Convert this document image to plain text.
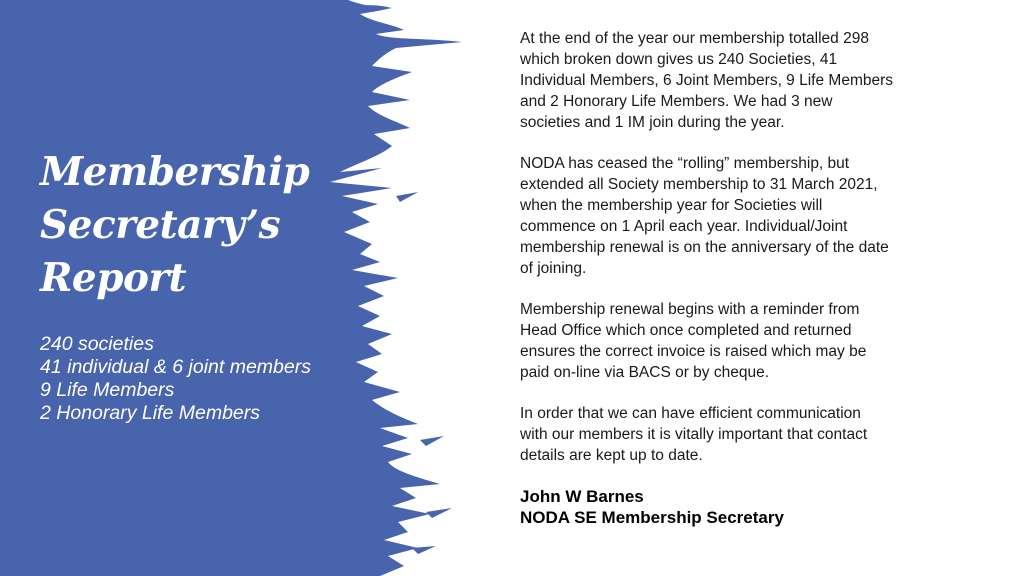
Membership
Secretary’s
Report
240 societies
41 individual & 6 joint members
9 Life Members
2 Honorary Life Members

At the end of the year our membership totalled 298
which broken down gives us 240 Societies, 41
Individual Members, 6 Joint Members, 9 Life Members
and 2 Honorary Life Members. We had 3 new
societies and 1 IM join during the year.

NODA has ceased the “rolling” membership, but
extended all Society membership to 31 March 2021,
when the membership year for Societies will
commence on 1 April each year. Individual/Joint
membership renewal is on the anniversary of the date
of joining.

Membership renewal begins with a reminder from
Head Office which once completed and returned
ensures the correct invoice is raised which may be
paid on-line via BACS or by cheque.

In order that we can have efficient communication
with our members it is vitally important that contact
details are kept up to date.

John W Barnes
NODA SE Membership Secretary
